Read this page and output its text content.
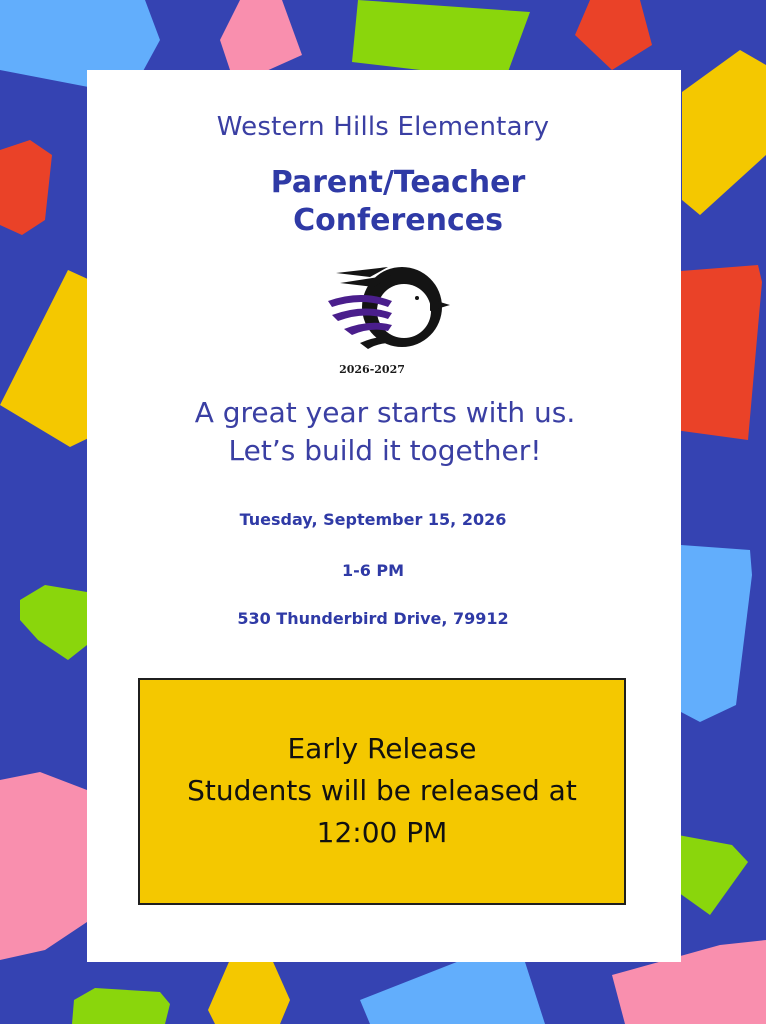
Western Hills Elementary
Parent/Teacher
Conferences
2026-2027
A great year starts with us.
Let’s build it together!
Tuesday, September 15, 2026
1-6 PM
530 Thunderbird Drive, 79912
Early Release
Students will be released at
12:00 PM
